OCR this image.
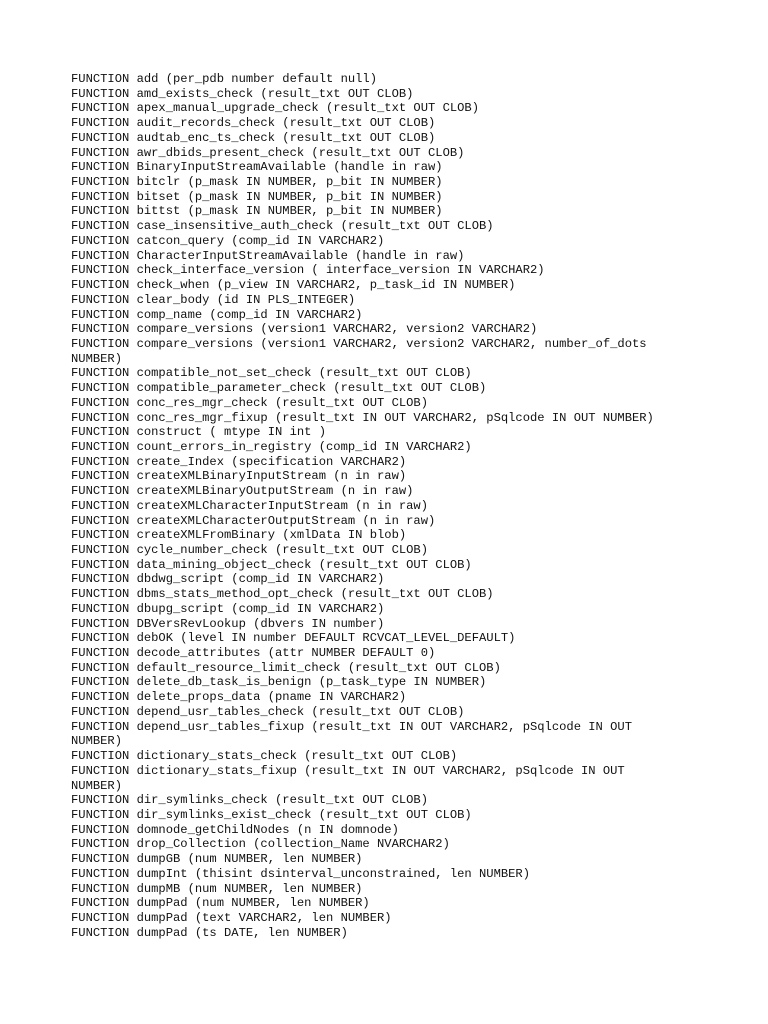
FUNCTION add (per_pdb number default null)
FUNCTION amd_exists_check (result_txt OUT CLOB)
FUNCTION apex_manual_upgrade_check (result_txt OUT CLOB)
FUNCTION audit_records_check (result_txt OUT CLOB)
FUNCTION audtab_enc_ts_check (result_txt OUT CLOB)
FUNCTION awr_dbids_present_check (result_txt OUT CLOB)
FUNCTION BinaryInputStreamAvailable (handle in raw)
FUNCTION bitclr (p_mask IN NUMBER, p_bit IN NUMBER)
FUNCTION bitset (p_mask IN NUMBER, p_bit IN NUMBER)
FUNCTION bittst (p_mask IN NUMBER, p_bit IN NUMBER)
FUNCTION case_insensitive_auth_check (result_txt OUT CLOB)
FUNCTION catcon_query (comp_id IN VARCHAR2)
FUNCTION CharacterInputStreamAvailable (handle in raw)
FUNCTION check_interface_version ( interface_version IN VARCHAR2)
FUNCTION check_when (p_view IN VARCHAR2, p_task_id IN NUMBER)
FUNCTION clear_body (id IN PLS_INTEGER)
FUNCTION comp_name (comp_id IN VARCHAR2)
FUNCTION compare_versions (version1 VARCHAR2, version2 VARCHAR2)
FUNCTION compare_versions (version1 VARCHAR2, version2 VARCHAR2, number_of_dots
NUMBER)
FUNCTION compatible_not_set_check (result_txt OUT CLOB)
FUNCTION compatible_parameter_check (result_txt OUT CLOB)
FUNCTION conc_res_mgr_check (result_txt OUT CLOB)
FUNCTION conc_res_mgr_fixup (result_txt IN OUT VARCHAR2, pSqlcode IN OUT NUMBER)
FUNCTION construct ( mtype IN int )
FUNCTION count_errors_in_registry (comp_id IN VARCHAR2)
FUNCTION create_Index (specification VARCHAR2)
FUNCTION createXMLBinaryInputStream (n in raw)
FUNCTION createXMLBinaryOutputStream (n in raw)
FUNCTION createXMLCharacterInputStream (n in raw)
FUNCTION createXMLCharacterOutputStream (n in raw)
FUNCTION createXMLFromBinary (xmlData IN blob)
FUNCTION cycle_number_check (result_txt OUT CLOB)
FUNCTION data_mining_object_check (result_txt OUT CLOB)
FUNCTION dbdwg_script (comp_id IN VARCHAR2)
FUNCTION dbms_stats_method_opt_check (result_txt OUT CLOB)
FUNCTION dbupg_script (comp_id IN VARCHAR2)
FUNCTION DBVersRevLookup (dbvers IN number)
FUNCTION debOK (level IN number DEFAULT RCVCAT_LEVEL_DEFAULT)
FUNCTION decode_attributes (attr NUMBER DEFAULT 0)
FUNCTION default_resource_limit_check (result_txt OUT CLOB)
FUNCTION delete_db_task_is_benign (p_task_type IN NUMBER)
FUNCTION delete_props_data (pname IN VARCHAR2)
FUNCTION depend_usr_tables_check (result_txt OUT CLOB)
FUNCTION depend_usr_tables_fixup (result_txt IN OUT VARCHAR2, pSqlcode IN OUT
NUMBER)
FUNCTION dictionary_stats_check (result_txt OUT CLOB)
FUNCTION dictionary_stats_fixup (result_txt IN OUT VARCHAR2, pSqlcode IN OUT
NUMBER)
FUNCTION dir_symlinks_check (result_txt OUT CLOB)
FUNCTION dir_symlinks_exist_check (result_txt OUT CLOB)
FUNCTION domnode_getChildNodes (n IN domnode)
FUNCTION drop_Collection (collection_Name NVARCHAR2)
FUNCTION dumpGB (num NUMBER, len NUMBER)
FUNCTION dumpInt (thisint dsinterval_unconstrained, len NUMBER)
FUNCTION dumpMB (num NUMBER, len NUMBER)
FUNCTION dumpPad (num NUMBER, len NUMBER)
FUNCTION dumpPad (text VARCHAR2, len NUMBER)
FUNCTION dumpPad (ts DATE, len NUMBER)
